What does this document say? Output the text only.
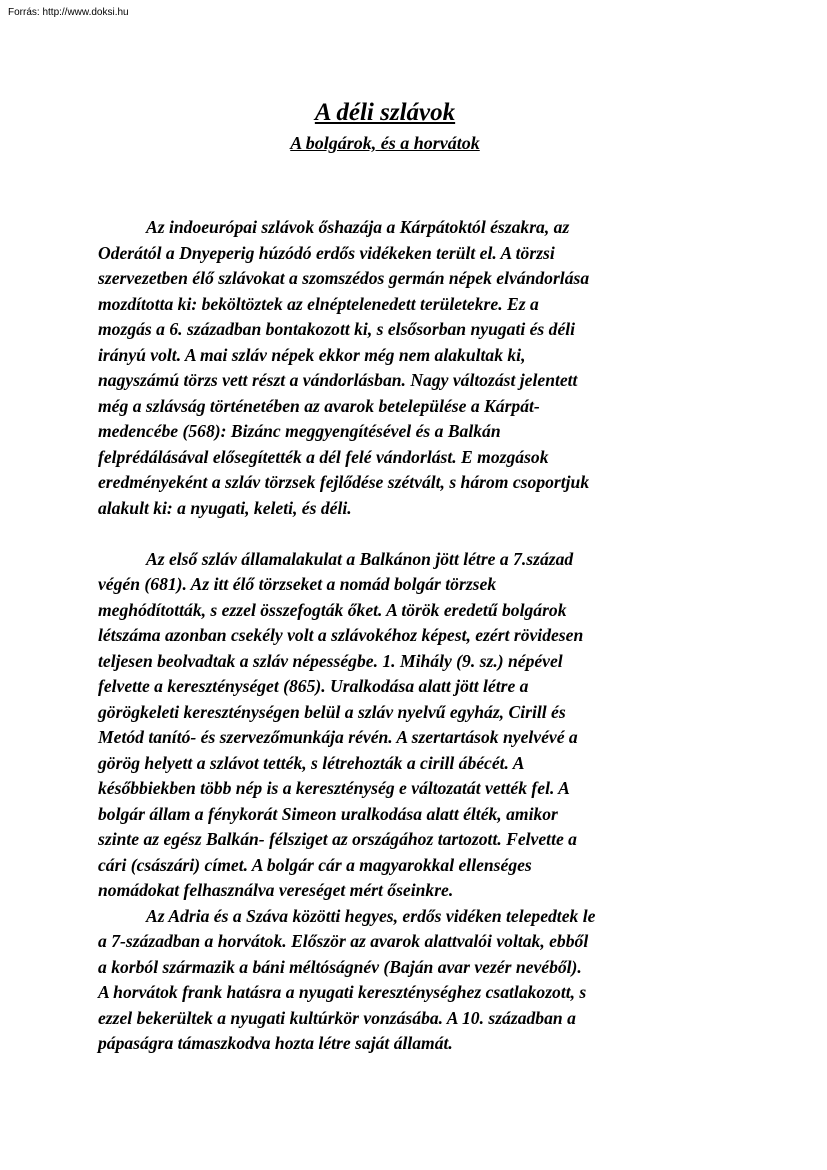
Forrás: http://www.doksi.hu
A déli szlávok
A bolgárok, és a horvátok
Az indoeurópai szlávok őshazája a Kárpátoktól északra, az
Oderától a Dnyeperig húzódó erdős vidékeken terült el. A törzsi
szervezetben élő szlávokat a szomszédos germán népek elvándorlása
mozdította ki: beköltöztek az elnéptelenedett területekre. Ez a
mozgás a 6. században bontakozott ki, s elsősorban nyugati és déli
irányú volt. A mai szláv népek ekkor még nem alakultak ki,
nagyszámú törzs vett részt a vándorlásban. Nagy változást jelentett
még a szlávság történetében az avarok betelepülése a Kárpát-
medencébe (568): Bizánc meggyengítésével és a Balkán
felprédálásával elősegítették a dél felé vándorlást. E mozgások
eredményeként a szláv törzsek fejlődése szétvált, s három csoportjuk
alakult ki: a nyugati, keleti, és déli.
Az első szláv államalakulat a Balkánon jött létre a 7.század
végén (681). Az itt élő törzseket a nomád bolgár törzsek
meghódították, s ezzel összefogták őket. A török eredetű bolgárok
létszáma azonban csekély volt a szlávokéhoz képest, ezért rövidesen
teljesen beolvadtak a szláv népességbe. 1. Mihály (9. sz.) népével
felvette a kereszténységet (865). Uralkodása alatt jött létre a
görögkeleti kereszténységen belül a szláv nyelvű egyház, Cirill és
Metód tanító- és szervezőmunkája révén. A szertartások nyelvévé a
görög helyett a szlávot tették, s létrehozták a cirill ábécét. A
későbbiekben több nép is a kereszténység e változatát vették fel. A
bolgár állam a fénykorát Simeon uralkodása alatt élték, amikor
szinte az egész Balkán- félsziget az országához tartozott. Felvette a
cári (császári) címet. A bolgár cár a magyarokkal ellenséges
nomádokat felhasználva vereséget mért őseinkre.
Az Adria és a Száva közötti hegyes, erdős vidéken telepedtek le
a 7-században a horvátok. Először az avarok alattvalói voltak, ebből
a korból származik a báni méltóságnév (Baján avar vezér nevéből).
A horvátok frank hatásra a nyugati kereszténységhez csatlakozott, s
ezzel bekerültek a nyugati kultúrkör vonzásába. A 10. században a
pápaságra támaszkodva hozta létre saját államát.
